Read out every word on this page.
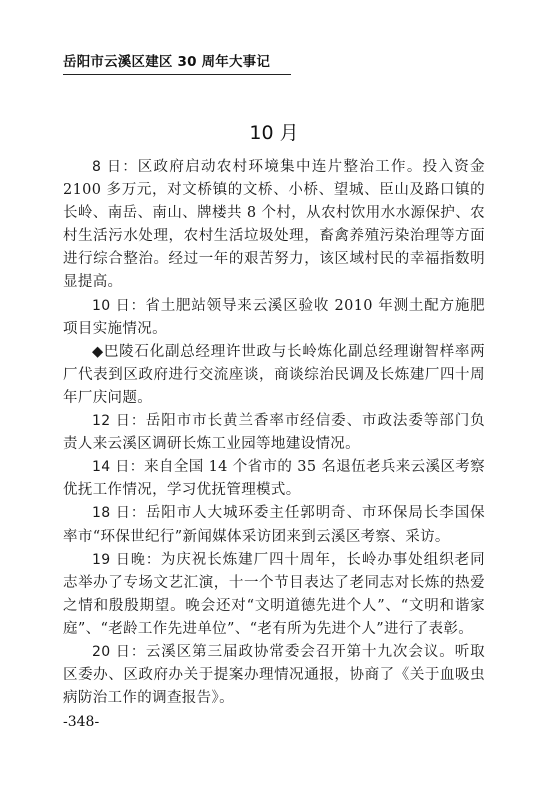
岳阳市云溪区建区 30 周年大事记
10 月

8 日：区政府启动农村环境集中连片整治工作。投入资金 2100 多万元，对文桥镇的文桥、小桥、望城、臣山及路口镇的长岭、南岳、南山、牌楼共 8 个村，从农村饮用水水源保护、农村生活污水处理，农村生活垃圾处理，畜禽养殖污染治理等方面进行综合整治。经过一年的艰苦努力，该区域村民的幸福指数明显提高。

10 日：省土肥站领导来云溪区验收 2010 年测土配方施肥项目实施情况。

◆巴陵石化副总经理许世政与长岭炼化副总经理谢智样率两厂代表到区政府进行交流座谈，商谈综治民调及长炼建厂四十周年厂庆问题。

12 日：岳阳市市长黄兰香率市经信委、市政法委等部门负责人来云溪区调研长炼工业园等地建设情况。

14 日：来自全国 14 个省市的 35 名退伍老兵来云溪区考察优抚工作情况，学习优抚管理模式。

18 日：岳阳市人大城环委主任郭明奇、市环保局长李国保率市“环保世纪行”新闻媒体采访团来到云溪区考察、采访。

19 日晚：为庆祝长炼建厂四十周年，长岭办事处组织老同志举办了专场文艺汇演，十一个节目表达了老同志对长炼的热爱之情和殷殷期望。晚会还对“文明道德先进个人”、“文明和谐家庭”、“老龄工作先进单位”、“老有所为先进个人”进行了表彰。

20 日：云溪区第三届政协常委会召开第十九次会议。听取区委办、区政府办关于提案办理情况通报，协商了《关于血吸虫病防治工作的调查报告》。

-348-
